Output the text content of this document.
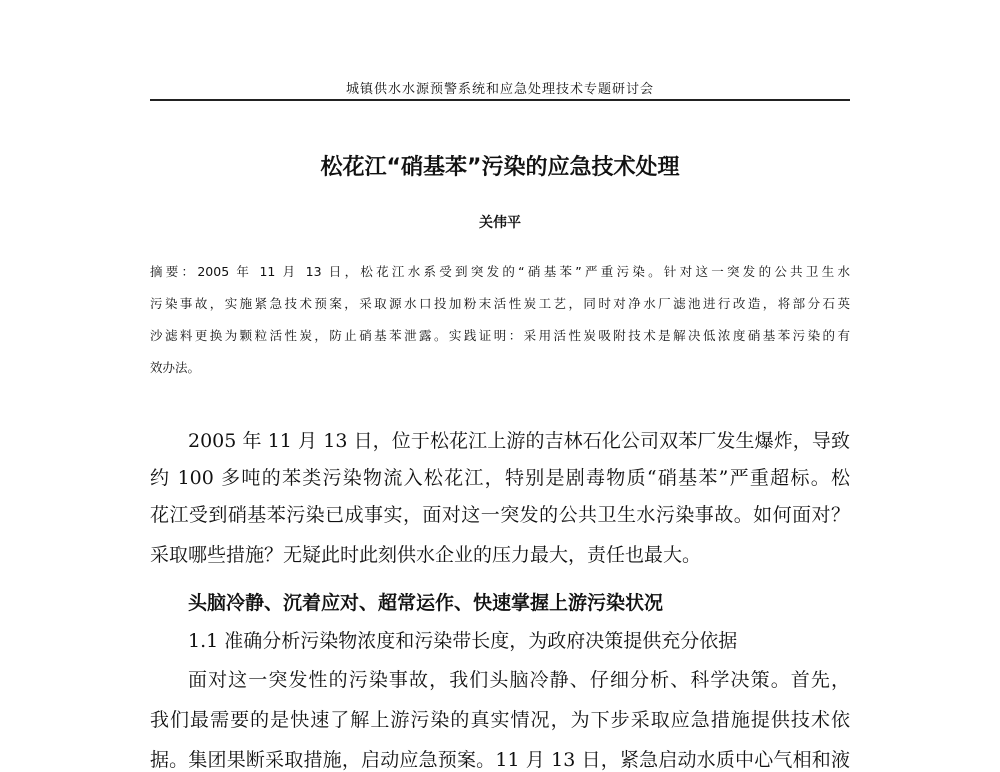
城镇供水水源预警系统和应急处理技术专题研讨会
松花江“硝基苯”污染的应急技术处理
关伟平
摘要：2005 年 11 月 13 日，松花江水系受到突发的“硝基苯”严重污染。针对这一突发的公共卫生水
污染事故，实施紧急技术预案，采取源水口投加粉末活性炭工艺，同时对净水厂滤池进行改造，将部分石英
沙滤料更换为颗粒活性炭，防止硝基苯泄露。实践证明：采用活性炭吸附技术是解决低浓度硝基苯污染的有
效办法。
2005 年 11 月 13 日，位于松花江上游的吉林石化公司双苯厂发生爆炸，导致
约 100 多吨的苯类污染物流入松花江，特别是剧毒物质“硝基苯”严重超标。松
花江受到硝基苯污染已成事实，面对这一突发的公共卫生水污染事故。如何面对？
采取哪些措施？无疑此时此刻供水企业的压力最大，责任也最大。
头脑冷静、沉着应对、超常运作、快速掌握上游污染状况
1.1 准确分析污染物浓度和污染带长度，为政府决策提供充分依据
面对这一突发性的污染事故，我们头脑冷静、仔细分析、科学决策。首先，
我们最需要的是快速了解上游污染的真实情况，为下步采取应急措施提供技术依
据。集团果断采取措施，启动应急预案。11 月 13 日，紧急启动水质中心气相和液
